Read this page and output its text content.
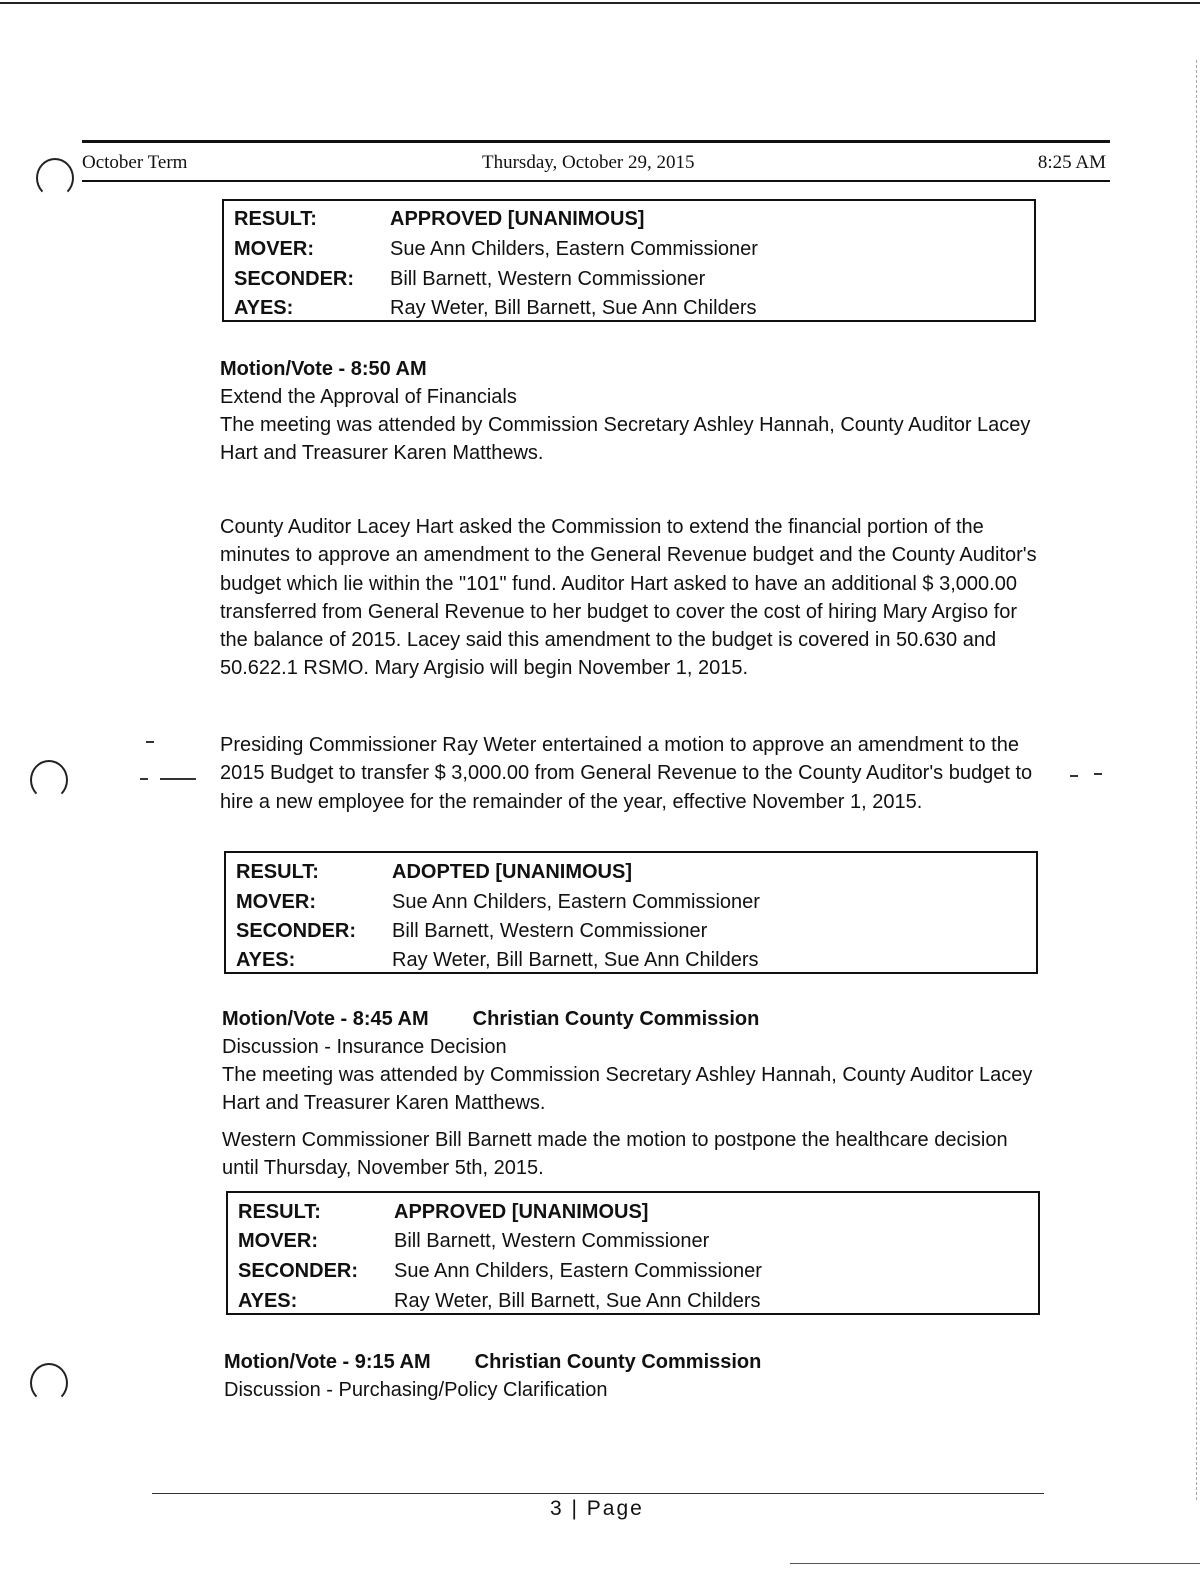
October Term	Thursday, October 29, 2015	8:25 AM
RESULT:	APPROVED [UNANIMOUS]
MOVER:	Sue Ann Childers, Eastern Commissioner
SECONDER: Bill Barnett, Western Commissioner
AYES:	Ray Weter, Bill Barnett, Sue Ann Childers
Motion/Vote - 8:50 AM
Extend the Approval of Financials
The meeting was attended by Commission Secretary Ashley Hannah, County Auditor Lacey Hart and Treasurer Karen Matthews.
County Auditor Lacey Hart asked the Commission to extend the financial portion of the minutes to approve an amendment to the General Revenue budget and the County Auditor's budget which lie within the "101" fund. Auditor Hart asked to have an additional $ 3,000.00 transferred from General Revenue to her budget to cover the cost of hiring Mary Argiso for the balance of 2015. Lacey said this amendment to the budget is covered in 50.630 and 50.622.1 RSMO. Mary Argisio will begin November 1, 2015.
Presiding Commissioner Ray Weter entertained a motion to approve an amendment to the 2015 Budget to transfer $ 3,000.00 from General Revenue to the County Auditor's budget to hire a new employee for the remainder of the year, effective November 1, 2015.
RESULT:	ADOPTED [UNANIMOUS]
MOVER:	Sue Ann Childers, Eastern Commissioner
SECONDER: Bill Barnett, Western Commissioner
AYES:	Ray Weter, Bill Barnett, Sue Ann Childers
Motion/Vote - 8:45 AM Christian County Commission
Discussion - Insurance Decision
The meeting was attended by Commission Secretary Ashley Hannah, County Auditor Lacey Hart and Treasurer Karen Matthews.
Western Commissioner Bill Barnett made the motion to postpone the healthcare decision until Thursday, November 5th, 2015.
RESULT:	APPROVED [UNANIMOUS]
MOVER:	Bill Barnett, Western Commissioner
SECONDER: Sue Ann Childers, Eastern Commissioner
AYES:	Ray Weter, Bill Barnett, Sue Ann Childers
Motion/Vote - 9:15 AM Christian County Commission
Discussion - Purchasing/Policy Clarification
3 | Page
